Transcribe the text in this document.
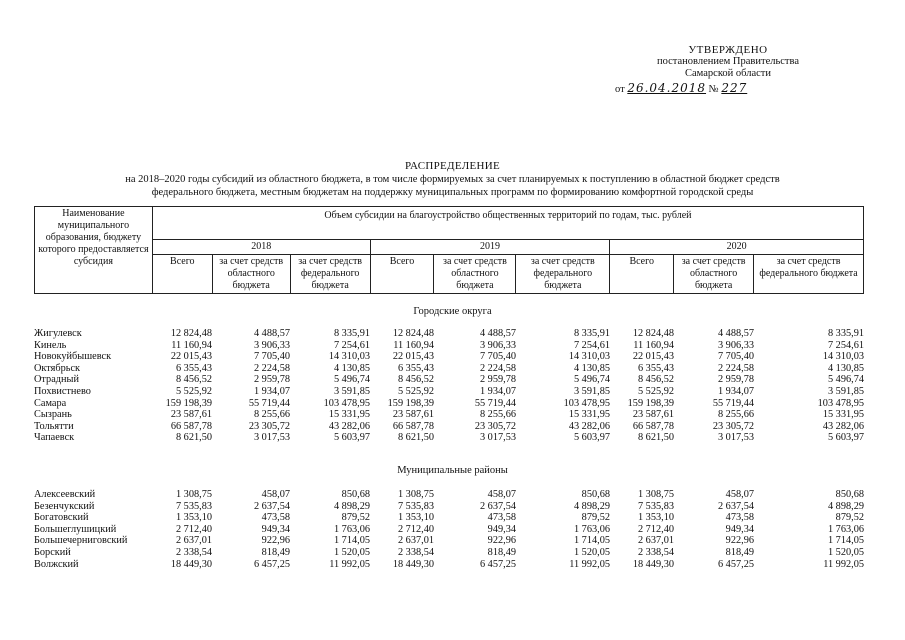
УТВЕРЖДЕНО
постановлением Правительства
Самарской области
от 26.04.2018 № 227
РАСПРЕДЕЛЕНИЕ
на 2018–2020 годы субсидий из областного бюджета, в том числе формируемых за счет планируемых к поступлению в областной бюджет средств
федерального бюджета, местным бюджетам на поддержку муниципальных программ по формированию комфортной городской среды
Наименование муниципального образования, бюджету которого предоставляется субсидия	Объем субсидии на благоустройство общественных территорий по годам, тыс. рублей								
	2018			2019			2020		
	Всего	за счет средств областного бюджета	за счет средств федерального бюджета	Всего	за счет средств областного бюджета	за счет средств федерального бюджета	Всего	за счет средств областного бюджета	за счет средств федерального бюджета
Городские округа
Жигулевск	12 824,48	4 488,57	8 335,91	12 824,48	4 488,57	8 335,91	12 824,48	4 488,57	8 335,91
Кинель	11 160,94	3 906,33	7 254,61	11 160,94	3 906,33	7 254,61	11 160,94	3 906,33	7 254,61
Новокуйбышевск	22 015,43	7 705,40	14 310,03	22 015,43	7 705,40	14 310,03	22 015,43	7 705,40	14 310,03
Октябрьск	6 355,43	2 224,58	4 130,85	6 355,43	2 224,58	4 130,85	6 355,43	2 224,58	4 130,85
Отрадный	8 456,52	2 959,78	5 496,74	8 456,52	2 959,78	5 496,74	8 456,52	2 959,78	5 496,74
Похвистнево	5 525,92	1 934,07	3 591,85	5 525,92	1 934,07	3 591,85	5 525,92	1 934,07	3 591,85
Самара	159 198,39	55 719,44	103 478,95	159 198,39	55 719,44	103 478,95	159 198,39	55 719,44	103 478,95
Сызрань	23 587,61	8 255,66	15 331,95	23 587,61	8 255,66	15 331,95	23 587,61	8 255,66	15 331,95
Тольятти	66 587,78	23 305,72	43 282,06	66 587,78	23 305,72	43 282,06	66 587,78	23 305,72	43 282,06
Чапаевск	8 621,50	3 017,53	5 603,97	8 621,50	3 017,53	5 603,97	8 621,50	3 017,53	5 603,97
Муниципальные районы
Алексеевский	1 308,75	458,07	850,68	1 308,75	458,07	850,68	1 308,75	458,07	850,68
Безенчукский	7 535,83	2 637,54	4 898,29	7 535,83	2 637,54	4 898,29	7 535,83	2 637,54	4 898,29
Богатовский	1 353,10	473,58	879,52	1 353,10	473,58	879,52	1 353,10	473,58	879,52
Большеглушицкий	2 712,40	949,34	1 763,06	2 712,40	949,34	1 763,06	2 712,40	949,34	1 763,06
Большечерниговский	2 637,01	922,96	1 714,05	2 637,01	922,96	1 714,05	2 637,01	922,96	1 714,05
Борский	2 338,54	818,49	1 520,05	2 338,54	818,49	1 520,05	2 338,54	818,49	1 520,05
Волжский	18 449,30	6 457,25	11 992,05	18 449,30	6 457,25	11 992,05	18 449,30	6 457,25	11 992,05
